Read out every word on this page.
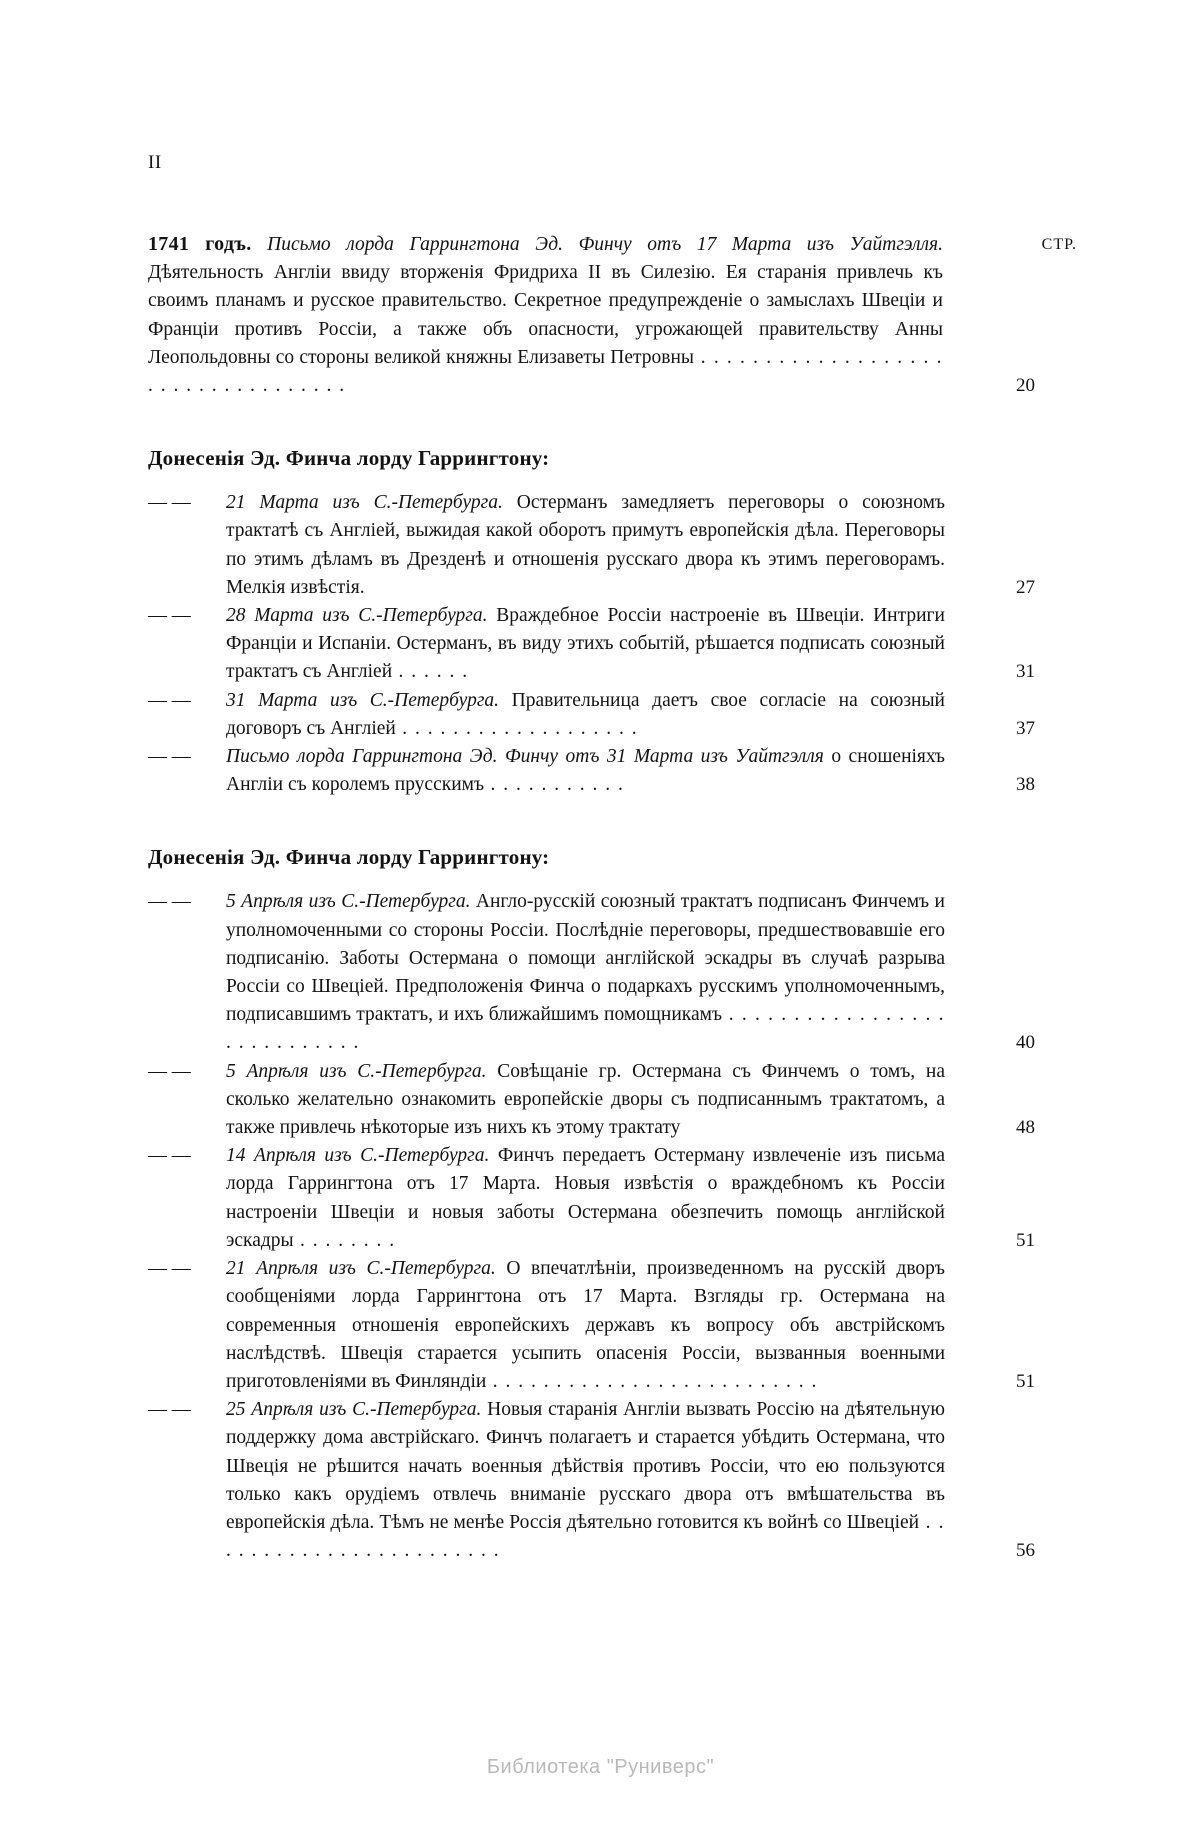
II
СТР.
1741 годъ. Письмо лорда Гаррингтона Эд. Финчу отъ 17 Марта изъ Уайтгэлля. Дѣятельность Англіи ввиду вторженія Фридриха II въ Силезію. Ея старанія привлечь къ своимъ планамъ и русское правительство. Секретное предупрежденіе о замыслахъ Швеціи и Франціи противъ Россіи, а также объ опасности, угрожающей правительству Анны Леопольдовны со стороны великой княжны Елизаветы Петровны . . . . . . . . . . . . . . . . . . . . . . . . . . . . . . . . . . .	20
Донесенія Эд. Финча лорду Гаррингтону:
— —	21 Марта изъ С.-Петербурга. Остерманъ замедляетъ переговоры о союзномъ трактатѣ съ Англіей, выжидая какой оборотъ примутъ европейскія дѣла. Переговоры по этимъ дѣламъ въ Дрезденѣ и отношенія русскаго двора къ этимъ переговорамъ. Мелкія извѣстія.	27
— —	28 Марта изъ С.-Петербурга. Враждебное Россіи настроеніе въ Швеціи. Интриги Франціи и Испаніи. Остерманъ, въ виду этихъ событій, рѣшается подписать союзный трактатъ съ Англіей . . . . . .	31
— —	31 Марта изъ С.-Петербурга. Правительница даетъ свое согласіе на союзный договоръ съ Англіей . . . . . . . . . . . . . . . . . . .	37
— —	Письмо лорда Гаррингтона Эд. Финчу отъ 31 Марта изъ Уайтгэлля о сношеніяхъ Англіи съ королемъ прусскимъ . . . . . . . . . . .	38
Донесенія Эд. Финча лорду Гаррингтону:
— —	5 Апрѣля изъ С.-Петербурга. Англо-русскій союзный трактатъ подписанъ Финчемъ и уполномоченными со стороны Россіи. Послѣдніе переговоры, предшествовавшіе его подписанію. Заботы Остермана о помощи англійской эскадры въ случаѣ разрыва Россіи со Швеціей. Предположенія Финча о подаркахъ русскимъ уполномоченнымъ, подписавшимъ трактатъ, и ихъ ближайшимъ помощникамъ . . . . . . . . . . . . . . . . . . . . . . . . . . . .	40
— —	5 Апрѣля изъ С.-Петербурга. Совѣщаніе гр. Остермана съ Финчемъ о томъ, на сколько желательно ознакомить европейскіе дворы съ подписаннымъ трактатомъ, а также привлечь нѣкоторые изъ нихъ къ этому трактату	48
— —	14 Апрѣля изъ С.-Петербурга. Финчъ передаетъ Остерману извлеченіе изъ письма лорда Гаррингтона отъ 17 Марта. Новыя извѣстія о враждебномъ къ Россіи настроеніи Швеціи и новыя заботы Остермана обезпечить помощь англійской эскадры . . . . . . . .	51
— —	21 Апрѣля изъ С.-Петербурга. О впечатлѣніи, произведенномъ на русскій дворъ сообщеніями лорда Гаррингтона отъ 17 Марта. Взгляды гр. Остермана на современныя отношенія европейскихъ державъ къ вопросу объ австрійскомъ наслѣдствѣ. Швеція старается усыпить опасенія Россіи, вызванныя военными приготовленіями въ Финляндіи . . . . . . . . . . . . . . . . . . . . . . . . . .	51
— —	25 Апрѣля изъ С.-Петербурга. Новыя старанія Англіи вызвать Россію на дѣятельную поддержку дома австрійскаго. Финчъ полагаетъ и старается убѣдить Остермана, что Швеція не рѣшится начать военныя дѣйствія противъ Россіи, что ею пользуются только какъ орудіемъ отвлечь вниманіе русскаго двора отъ вмѣшательства въ европейскія дѣла. Тѣмъ не менѣе Россія дѣятельно готовится къ войнѣ со Швеціей . . . . . . . . . . . . . . . . . . . . . . . .	56
Библиотека "Руниверс"
